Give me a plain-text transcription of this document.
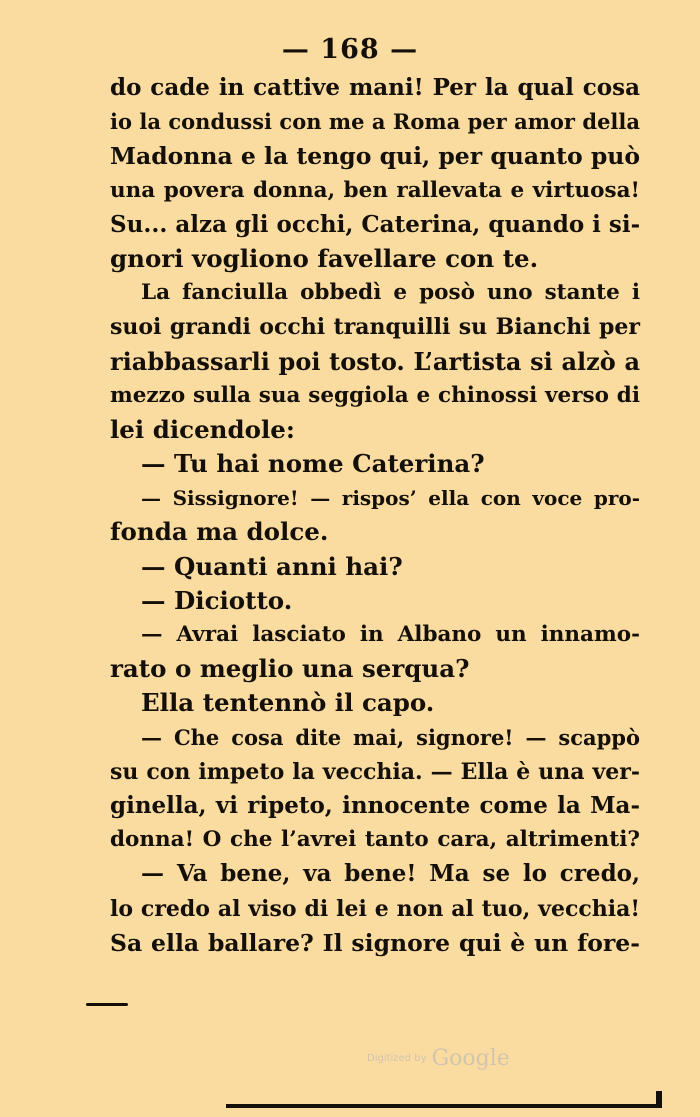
— 168 —
do cade in cattive mani! Per la qual cosa
io la condussi con me a Roma per amor della
Madonna e la tengo qui, per quanto può
una povera donna, ben rallevata e virtuosa!
Su... alza gli occhi, Caterina, quando i si-
gnori vogliono favellare con te.
La fanciulla obbedì e posò uno stante i
suoi grandi occhi tranquilli su Bianchi per
riabbassarli poi tosto. L’artista si alzò a
mezzo sulla sua seggiola e chinossi verso di
lei dicendole:
— Tu hai nome Caterina?
— Sissignore! — rispos’ ella con voce pro-
fonda ma dolce.
— Quanti anni hai?
— Diciotto.
— Avrai lasciato in Albano un innamo-
rato o meglio una serqua?
Ella tentennò il capo.
— Che cosa dite mai, signore! — scappò
su con impeto la vecchia. — Ella è una ver-
ginella, vi ripeto, innocente come la Ma-
donna! O che l’avrei tanto cara, altrimenti?
— Va bene, va bene! Ma se lo credo,
lo credo al viso di lei e non al tuo, vecchia!
Sa ella ballare? Il signore qui è un fore-
Digitized by Google
